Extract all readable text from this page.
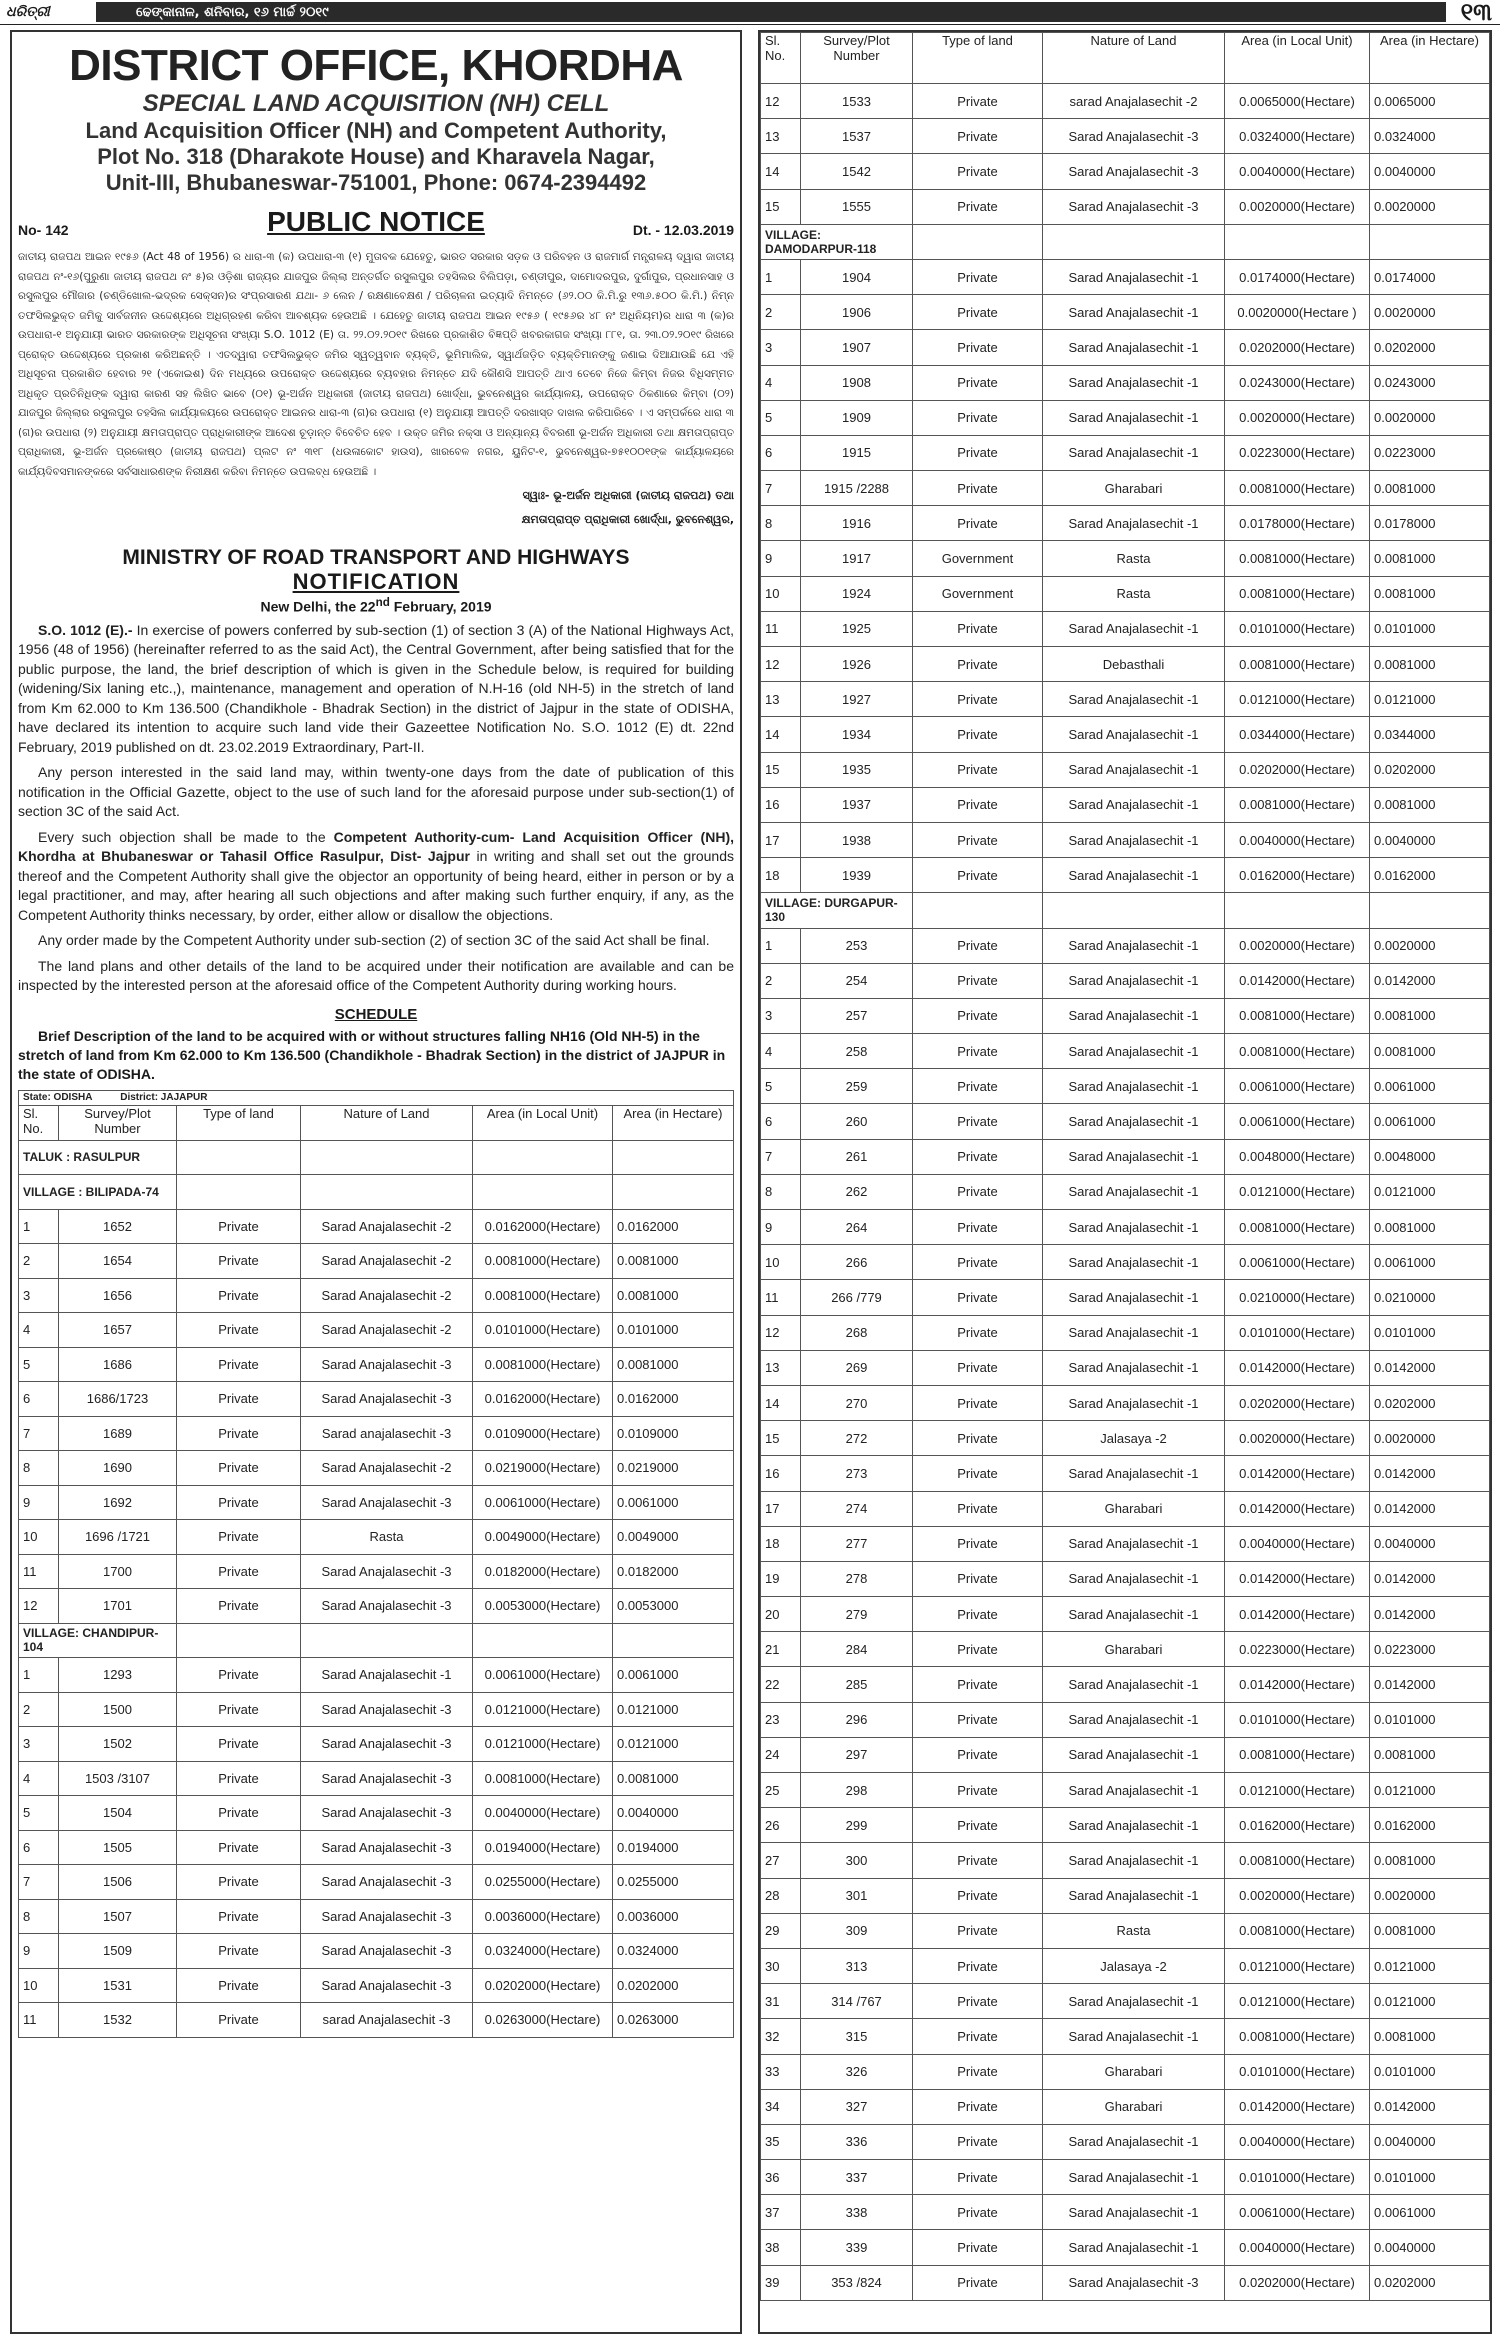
ଧରିତ୍ରୀ	ଢେଙ୍କାନାଳ, ଶନିବାର, ୧୬ ମାର୍ଚ୍ଚ ୨୦୧୯	୧୩
DISTRICT OFFICE, KHORDHA
SPECIAL LAND ACQUISITION (NH) CELL
Land Acquisition Officer (NH) and Competent Authority,
Plot No. 318 (Dharakote House) and Kharavela Nagar,
Unit-III, Bhubaneswar-751001, Phone: 0674-2394492
No- 142	PUBLIC NOTICE	Dt. - 12.03.2019
ଜାତୀୟ ରାଜପଥ ଆଇନ ୧୯୫୬ (Act 48 of 1956) ର ଧାରା-୩ (କ) ଉପଧାରା-୩ (୧) ମୁତାବକ ଯେହେତୁ, ଭାରତ ସରକାର ସଡ଼କ ଓ ପରିବହନ ଓ ରାଜମାର୍ଗ ମନ୍ତ୍ରାଳୟ ଦ୍ୱାରା ଜାତୀୟ ରାଜପଥ ନଂ-୧୬(ପୁରୁଣା ଜାତୀୟ ରାଜପଥ ନଂ ୫)ର ଓଡ଼ିଶା ରାଜ୍ୟର ଯାଜପୁର ଜିଲ୍ଲା ଅନ୍ତର୍ଗତ ରସୁଲପୁର ତହସିଲର ବିଲିପଡ଼ା, ଚଣ୍ଡୀପୁର, ଦାମୋଦରପୁର, ଦୁର୍ଗାପୁର, ପ୍ରଧାନସାହ ଓ ରସୁଲପୁର ମୌଜାର (ଚଣ୍ଡିଖୋଲ-ଭଦ୍ରକ ସେକ୍ସନ)ର ସଂପ୍ରସାରଣ ଯଥା- ୬ ଲେନ / ରକ୍ଷଣାବେକ୍ଷଣ / ପରିଚାଳନା ଇତ୍ୟାଦି ନିମନ୍ତେ (୬୨.୦୦ କି.ମି.ରୁ ୧୩୬.୫୦୦ କି.ମି.) ନିମ୍ନ ତଫସିଲଭୁକ୍ତ ଜମିକୁ ସାର୍ବଜନୀନ ଉଦ୍ଦେଶ୍ୟରେ ଅଧିଗ୍ରହଣ କରିବା ଆବଶ୍ୟକ ହେଉଅଛି । ଯେହେତୁ ଜାତୀୟ ରାଜପଥ ଆଇନ ୧୯୫୬ ( ୧୯୫୬ର ୪୮ ନଂ ଅଧିନିୟମ)ର ଧାରା ୩ (କ)ର ଉପଧାରା-୧ ଅନୁଯାୟୀ ଭାରତ ସରକାରଙ୍କ ଅଧିସୂଚନା ସଂଖ୍ୟା S.O. 1012 (E) ତା. ୨୨.୦୨.୨୦୧୯ ରିଖରେ ପ୍ରକାଶିତ ବିଜ୍ଞପ୍ତି ଖବରକାଗଜ ସଂଖ୍ୟା ୮୮୧, ତା. ୨୩.୦୨.୨୦୧୯ ରିଖରେ ପ୍ରୋକ୍ତ ଉଦ୍ଦେଶ୍ୟରେ ପ୍ରକାଶ କରିଅଛନ୍ତି । ଏତଦ୍ୱାରା ତଫସିଲଭୁକ୍ତ ଜମିର ସ୍ୱତ୍ୱବାନ ବ୍ୟକ୍ତି, ଭୂମିମାଲିକ, ସ୍ୱାର୍ଥଜଡ଼ିତ ବ୍ୟକ୍ତିମାନଙ୍କୁ ଜଣାଇ ଦିଆଯାଉଛି ଯେ ଏହି ଅଧିସୂଚନା ପ୍ରକାଶିତ ହେବାର ୨୧ (ଏକୋଇଶ) ଦିନ ମଧ୍ୟରେ ଉପରୋକ୍ତ ଉଦ୍ଦେଶ୍ୟରେ ବ୍ୟବହାର ନିମନ୍ତେ ଯଦି କୌଣସି ଆପତ୍ତି ଥାଏ ତେବେ ନିଜେ କିମ୍ବା ନିଜର ବିଧିସମ୍ମତ ଅଧିକୃତ ପ୍ରତିନିଧିଙ୍କ ଦ୍ୱାରା କାରଣ ସହ ଲିଖିତ ଭାବେ (୦୧) ଭୂ-ଅର୍ଜନ ଅଧିକାରୀ (ଜାତୀୟ ରାଜପଥ) ଖୋର୍ଦ୍ଧା, ଭୁବନେଶ୍ୱର କାର୍ଯ୍ୟାଳୟ, ଉପରୋକ୍ତ ଠିକଣାରେ କିମ୍ବା (୦୨) ଯାଜପୁର ଜିଲ୍ଲାର ରସୁଲପୁର ତହସିଲ କାର୍ଯ୍ୟାଳୟରେ ଉପରୋକ୍ତ ଆଇନର ଧାରା-୩ (ଗ)ର ଉପଧାରା (୧) ଅନୁଯାୟୀ ଆପତ୍ତି ଦରଖାସ୍ତ ଦାଖଲ କରିପାରିବେ । ଏ ସମ୍ପର୍କରେ ଧାରା ୩ (ଗ)ର ଉପଧାରା (୨) ଅନୁଯାୟୀ କ୍ଷମତାପ୍ରାପ୍ତ ପ୍ରାଧିକାରୀଙ୍କ ଆଦେଶ ଚୂଡ଼ାନ୍ତ ବିବେଚିତ ହେବ । ଉକ୍ତ ଜମିର ନକ୍ସା ଓ ଅନ୍ୟାନ୍ୟ ବିବରଣୀ ଭୂ-ଅର୍ଜନ ଅଧିକାରୀ ତଥା କ୍ଷମତାପ୍ରାପ୍ତ ପ୍ରାଧିକାରୀ, ଭୂ-ଅର୍ଜନ ପ୍ରକୋଷ୍ଠ (ଜାତୀୟ ରାଜପଥ) ପ୍ଲଟ ନଂ ୩୧୮ (ଧଉଳାକୋଟ ହାଉସ), ଖାରବେଳ ନଗର, ୟୁନିଟ-୧, ଭୁବନେଶ୍ୱର-୭୫୧୦୦୧ଙ୍କ କାର୍ଯ୍ୟାଳୟରେ କାର୍ଯ୍ୟଦିବସମାନଙ୍କରେ ସର୍ବସାଧାରଣଙ୍କ ନିରୀକ୍ଷଣ କରିବା ନିମନ୍ତେ ଉପଲବ୍ଧ ହେଉଅଛି ।
ସ୍ୱାଃ- ଭୂ-ଅର୍ଜନ ଅଧିକାରୀ (ଜାତୀୟ ରାଜପଥ) ତଥା
କ୍ଷମତାପ୍ରାପ୍ତ ପ୍ରାଧିକାରୀ ଖୋର୍ଦ୍ଧା, ଭୁବନେଶ୍ୱର,
MINISTRY OF ROAD TRANSPORT AND HIGHWAYS
NOTIFICATION
New Delhi, the 22nd February, 2019
S.O. 1012 (E).- In exercise of powers conferred by sub-section (1) of section 3 (A) of the National Highways Act, 1956 (48 of 1956) (hereinafter referred to as the said Act), the Central Government, after being satisfied that for the public purpose, the land, the brief description of which is given in the Schedule below, is required for building (widening/Six laning etc.,), maintenance, management and operation of N.H-16 (old NH-5) in the stretch of land from Km 62.000 to Km 136.500 (Chandikhole - Bhadrak Section) in the district of Jajpur in the state of ODISHA, have declared its intention to acquire such land vide their Gazeettee Notification No. S.O. 1012 (E) dt. 22nd February, 2019 published on dt. 23.02.2019 Extraordinary, Part-II.
Any person interested in the said land may, within twenty-one days from the date of publication of this notification in the Official Gazette, object to the use of such land for the aforesaid purpose under sub-section(1) of section 3C of the said Act.
Every such objection shall be made to the Competent Authority-cum- Land Acquisition Officer (NH), Khordha at Bhubaneswar or Tahasil Office Rasulpur, Dist- Jajpur in writing and shall set out the grounds thereof and the Competent Authority shall give the objector an opportunity of being heard, either in person or by a legal practitioner, and may, after hearing all such objections and after making such further enquiry, if any, as the Competent Authority thinks necessary, by order, either allow or disallow the objections.
Any order made by the Competent Authority under sub-section (2) of section 3C of the said Act shall be final.
The land plans and other details of the land to be acquired under their notification are available and can be inspected by the interested person at the aforesaid office of the Competent Authority during working hours.
SCHEDULE
Brief Description of the land to be acquired with or without structures falling NH16 (Old NH-5) in the stretch of land from Km 62.000 to Km 136.500 (Chandikhole - Bhadrak Section) in the district of JAJPUR in the state of ODISHA.
State: ODISHA District: JAJAPUR					
Sl. No.	Survey/Plot Number	Type of land	Nature of Land	Area (in Local Unit)	Area (in Hectare)
TALUK : RASULPUR					
VILLAGE : BILIPADA-74					
1	1652	Private	Sarad Anajalasechit -2	0.0162000(Hectare)	0.0162000
2	1654	Private	Sarad Anajalasechit -2	0.0081000(Hectare)	0.0081000
3	1656	Private	Sarad Anajalasechit -2	0.0081000(Hectare)	0.0081000
4	1657	Private	Sarad Anajalasechit -2	0.0101000(Hectare)	0.0101000
5	1686	Private	Sarad Anajalasechit -3	0.0081000(Hectare)	0.0081000
6	1686/1723	Private	Sarad Anajalasechit -3	0.0162000(Hectare)	0.0162000
7	1689	Private	Sarad anajalasechit -3	0.0109000(Hectare)	0.0109000
8	1690	Private	Sarad Anajalasechit -2	0.0219000(Hectare)	0.0219000
9	1692	Private	Sarad Anajalasechit -3	0.0061000(Hectare)	0.0061000
10	1696 /1721	Private	Rasta	0.0049000(Hectare)	0.0049000
11	1700	Private	Sarad Anajalasechit -3	0.0182000(Hectare)	0.0182000
12	1701	Private	Sarad Anajalasechit -3	0.0053000(Hectare)	0.0053000
VILLAGE: CHANDIPUR-104					
1	1293	Private	Sarad Anajalasechit -1	0.0061000(Hectare)	0.0061000
2	1500	Private	Sarad Anajalasechit -3	0.0121000(Hectare)	0.0121000
3	1502	Private	Sarad Anajalasechit -3	0.0121000(Hectare)	0.0121000
4	1503 /3107	Private	Sarad Anajalasechit -3	0.0081000(Hectare)	0.0081000
5	1504	Private	Sarad Anajalasechit -3	0.0040000(Hectare)	0.0040000
6	1505	Private	Sarad Anajalasechit -3	0.0194000(Hectare)	0.0194000
7	1506	Private	Sarad Anajalasechit -3	0.0255000(Hectare)	0.0255000
8	1507	Private	Sarad Anajalasechit -3	0.0036000(Hectare)	0.0036000
9	1509	Private	Sarad Anajalasechit -3	0.0324000(Hectare)	0.0324000
10	1531	Private	Sarad Anajalasechit -3	0.0202000(Hectare)	0.0202000
11	1532	Private	sarad Anajalasechit -3	0.0263000(Hectare)	0.0263000
Sl. No.	Survey/Plot Number	Type of land	Nature of Land	Area (in Local Unit)	Area (in Hectare)
12	1533	Private	sarad Anajalasechit -2	0.0065000(Hectare)	0.0065000
13	1537	Private	Sarad Anajalasechit -3	0.0324000(Hectare)	0.0324000
14	1542	Private	Sarad Anajalasechit -3	0.0040000(Hectare)	0.0040000
15	1555	Private	Sarad Anajalasechit -3	0.0020000(Hectare)	0.0020000
VILLAGE: DAMODARPUR-118					
1	1904	Private	Sarad Anajalasechit -1	0.0174000(Hectare)	0.0174000
2	1906	Private	Sarad Anajalasechit -1	0.0020000(Hectare )	0.0020000
3	1907	Private	Sarad Anajalasechit -1	0.0202000(Hectare)	0.0202000
4	1908	Private	Sarad Anajalasechit -1	0.0243000(Hectare)	0.0243000
5	1909	Private	Sarad Anajalasechit -1	0.0020000(Hectare)	0.0020000
6	1915	Private	Sarad Anajalasechit -1	0.0223000(Hectare)	0.0223000
7	1915 /2288	Private	Gharabari	0.0081000(Hectare)	0.0081000
8	1916	Private	Sarad Anajalasechit -1	0.0178000(Hectare)	0.0178000
9	1917	Government	Rasta	0.0081000(Hectare)	0.0081000
10	1924	Government	Rasta	0.0081000(Hectare)	0.0081000
11	1925	Private	Sarad Anajalasechit -1	0.0101000(Hectare)	0.0101000
12	1926	Private	Debasthali	0.0081000(Hectare)	0.0081000
13	1927	Private	Sarad Anajalasechit -1	0.0121000(Hectare)	0.0121000
14	1934	Private	Sarad Anajalasechit -1	0.0344000(Hectare)	0.0344000
15	1935	Private	Sarad Anajalasechit -1	0.0202000(Hectare)	0.0202000
16	1937	Private	Sarad Anajalasechit -1	0.0081000(Hectare)	0.0081000
17	1938	Private	Sarad Anajalasechit -1	0.0040000(Hectare)	0.0040000
18	1939	Private	Sarad Anajalasechit -1	0.0162000(Hectare)	0.0162000
VILLAGE: DURGAPUR-130					
1	253	Private	Sarad Anajalasechit -1	0.0020000(Hectare)	0.0020000
2	254	Private	Sarad Anajalasechit -1	0.0142000(Hectare)	0.0142000
3	257	Private	Sarad Anajalasechit -1	0.0081000(Hectare)	0.0081000
4	258	Private	Sarad Anajalasechit -1	0.0081000(Hectare)	0.0081000
5	259	Private	Sarad Anajalasechit -1	0.0061000(Hectare)	0.0061000
6	260	Private	Sarad Anajalasechit -1	0.0061000(Hectare)	0.0061000
7	261	Private	Sarad Anajalasechit -1	0.0048000(Hectare)	0.0048000
8	262	Private	Sarad Anajalasechit -1	0.0121000(Hectare)	0.0121000
9	264	Private	Sarad Anajalasechit -1	0.0081000(Hectare)	0.0081000
10	266	Private	Sarad Anajalasechit -1	0.0061000(Hectare)	0.0061000
11	266 /779	Private	Sarad Anajalasechit -1	0.0210000(Hectare)	0.0210000
12	268	Private	Sarad Anajalasechit -1	0.0101000(Hectare)	0.0101000
13	269	Private	Sarad Anajalasechit -1	0.0142000(Hectare)	0.0142000
14	270	Private	Sarad Anajalasechit -1	0.0202000(Hectare)	0.0202000
15	272	Private	Jalasaya -2	0.0020000(Hectare)	0.0020000
16	273	Private	Sarad Anajalasechit -1	0.0142000(Hectare)	0.0142000
17	274	Private	Gharabari	0.0142000(Hectare)	0.0142000
18	277	Private	Sarad Anajalasechit -1	0.0040000(Hectare)	0.0040000
19	278	Private	Sarad Anajalasechit -1	0.0142000(Hectare)	0.0142000
20	279	Private	Sarad Anajalasechit -1	0.0142000(Hectare)	0.0142000
21	284	Private	Gharabari	0.0223000(Hectare)	0.0223000
22	285	Private	Sarad Anajalasechit -1	0.0142000(Hectare)	0.0142000
23	296	Private	Sarad Anajalasechit -1	0.0101000(Hectare)	0.0101000
24	297	Private	Sarad Anajalasechit -1	0.0081000(Hectare)	0.0081000
25	298	Private	Sarad Anajalasechit -1	0.0121000(Hectare)	0.0121000
26	299	Private	Sarad Anajalasechit -1	0.0162000(Hectare)	0.0162000
27	300	Private	Sarad Anajalasechit -1	0.0081000(Hectare)	0.0081000
28	301	Private	Sarad Anajalasechit -1	0.0020000(Hectare)	0.0020000
29	309	Private	Rasta	0.0081000(Hectare)	0.0081000
30	313	Private	Jalasaya -2	0.0121000(Hectare)	0.0121000
31	314 /767	Private	Sarad Anajalasechit -1	0.0121000(Hectare)	0.0121000
32	315	Private	Sarad Anajalasechit -1	0.0081000(Hectare)	0.0081000
33	326	Private	Gharabari	0.0101000(Hectare)	0.0101000
34	327	Private	Gharabari	0.0142000(Hectare)	0.0142000
35	336	Private	Sarad Anajalasechit -1	0.0040000(Hectare)	0.0040000
36	337	Private	Sarad Anajalasechit -1	0.0101000(Hectare)	0.0101000
37	338	Private	Sarad Anajalasechit -1	0.0061000(Hectare)	0.0061000
38	339	Private	Sarad Anajalasechit -1	0.0040000(Hectare)	0.0040000
39	353 /824	Private	Sarad Anajalasechit -3	0.0202000(Hectare)	0.0202000
